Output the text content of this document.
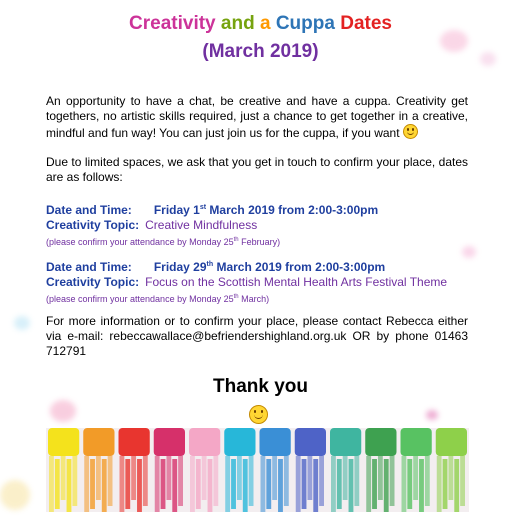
Creativity and a Cuppa Dates
(March 2019)
An opportunity to have a chat, be creative and have a cuppa. Creativity get togethers, no artistic skills required, just a chance to get together in a creative, mindful and fun way! You can just join us for the cuppa, if you want
Due to limited spaces, we ask that you get in touch to confirm your place, dates are as follows:
Date and Time: Friday 1st March 2019 from 2:00-3:00pm
Creativity Topic: Creative Mindfulness
(please confirm your attendance by Monday 25th February)
Date and Time: Friday 29th March 2019 from 2:00-3:00pm
Creativity Topic: Focus on the Scottish Mental Health Arts Festival Theme
(please confirm your attendance by Monday 25th March)
For more information or to confirm your place, please contact Rebecca either via e-mail: rebeccawallace@befriendershighland.org.uk OR by phone 01463 712791
Thank you
